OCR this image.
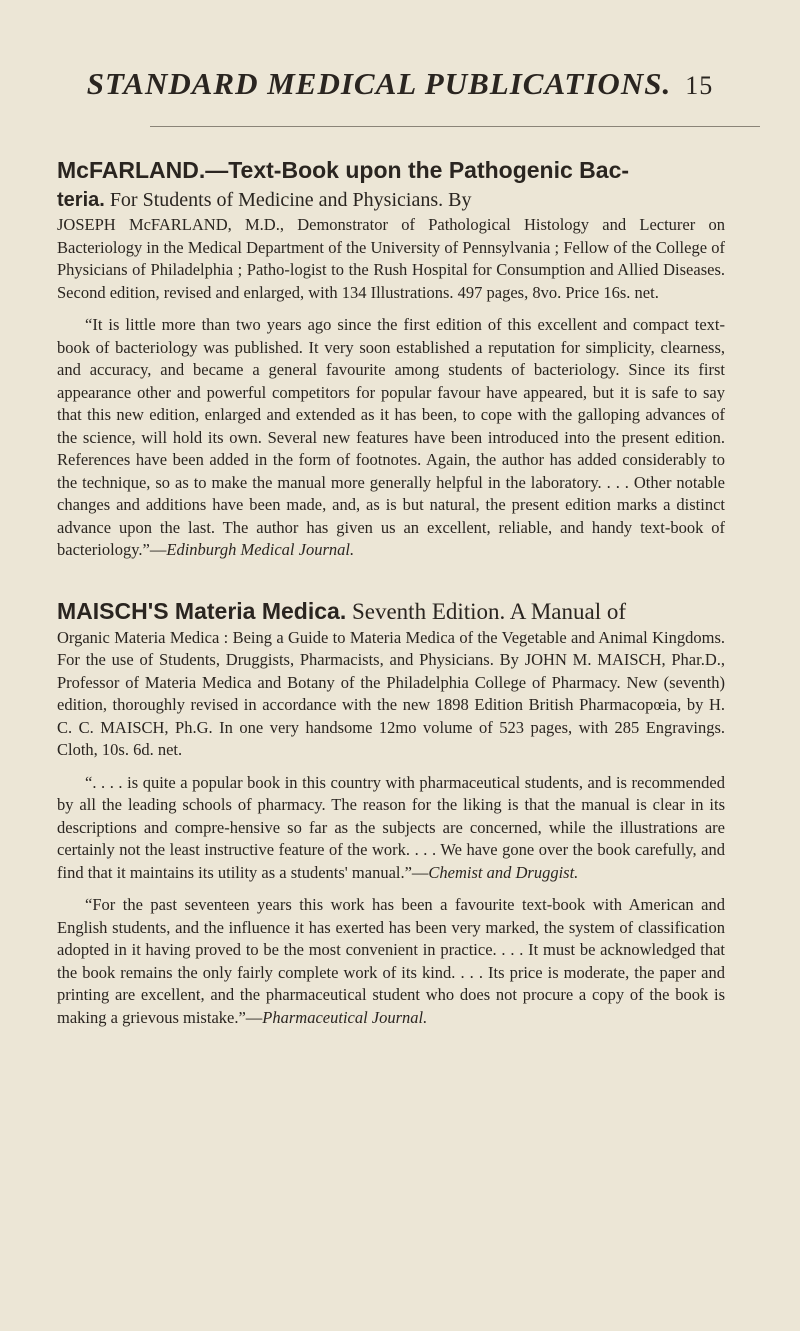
STANDARD MEDICAL PUBLICATIONS. 15

McFARLAND.—Text-Book upon the Pathogenic Bac-

teria. For Students of Medicine and Physicians. By

JOSEPH McFARLAND, M.D., Demonstrator of Pathological Histology and Lecturer on Bacteriology in the Medical Department of the University of Pennsylvania ; Fellow of the College of Physicians of Philadelphia ; Patho-logist to the Rush Hospital for Consumption and Allied Diseases. Second edition, revised and enlarged, with 134 Illustrations. 497 pages, 8vo. Price 16s. net.

“It is little more than two years ago since the first edition of this excellent and compact text-book of bacteriology was published. It very soon established a reputation for simplicity, clearness, and accuracy, and became a general favourite among students of bacteriology. Since its first appearance other and powerful competitors for popular favour have appeared, but it is safe to say that this new edition, enlarged and extended as it has been, to cope with the galloping advances of the science, will hold its own. Several new features have been introduced into the present edition. References have been added in the form of footnotes. Again, the author has added considerably to the technique, so as to make the manual more generally helpful in the laboratory. . . . Other notable changes and additions have been made, and, as is but natural, the present edition marks a distinct advance upon the last. The author has given us an excellent, reliable, and handy text-book of bacteriology.”—Edinburgh Medical Journal.

MAISCH'S Materia Medica. Seventh Edition. A Manual of

Organic Materia Medica : Being a Guide to Materia Medica of the Vegetable and Animal Kingdoms. For the use of Students, Druggists, Pharmacists, and Physicians. By JOHN M. MAISCH, Phar.D., Professor of Materia Medica and Botany of the Philadelphia College of Pharmacy. New (seventh) edition, thoroughly revised in accordance with the new 1898 Edition British Pharmacopœia, by H. C. C. MAISCH, Ph.G. In one very handsome 12mo volume of 523 pages, with 285 Engravings. Cloth, 10s. 6d. net.

“. . . . is quite a popular book in this country with pharmaceutical students, and is recommended by all the leading schools of pharmacy. The reason for the liking is that the manual is clear in its descriptions and compre-hensive so far as the subjects are concerned, while the illustrations are certainly not the least instructive feature of the work. . . . We have gone over the book carefully, and find that it maintains its utility as a students' manual.”—Chemist and Druggist.

“For the past seventeen years this work has been a favourite text-book with American and English students, and the influence it has exerted has been very marked, the system of classification adopted in it having proved to be the most convenient in practice. . . . It must be acknowledged that the book remains the only fairly complete work of its kind. . . . Its price is moderate, the paper and printing are excellent, and the pharmaceutical student who does not procure a copy of the book is making a grievous mistake.”—Pharmaceutical Journal.
